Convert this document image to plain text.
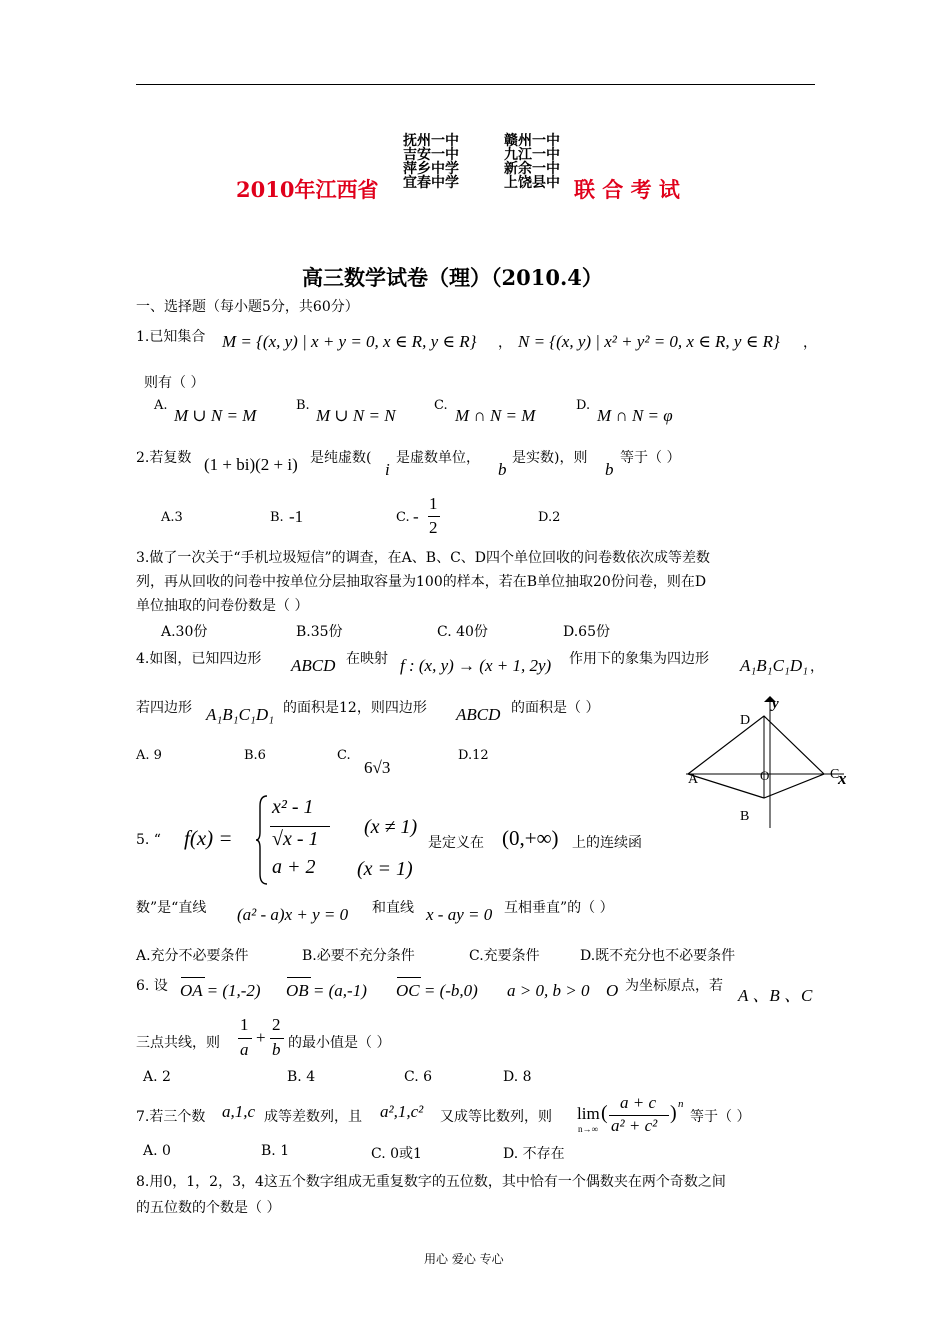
抚州一中
吉安一中
萍乡中学
宜春中学
赣州一中
九江一中
新余一中
上饶县中
2010年江西省	联 合 考 试
高三数学试卷（理）（2010.4）
一、选择题（每小题5分，共60分）
1.已知集合 M = {(x, y) | x + y = 0, x ∈ R, y ∈ R} ， N = {(x, y) | x² + y² = 0, x ∈ R, y ∈ R} ，
则有（ ）
A.
M ∪ N = M
B.
M ∪ N = N
C.
M ∩ N = M
D.
M ∩ N = φ
2.若复数 (1 + bi)(2 + i) 是纯虚数(
i
是虚数单位，
b
是实数)，则
b
等于（ ）
A.3	B. -1	C. -
1
2
D.2
3.做了一次关于“手机垃圾短信”的调查，在A、B、C、D四个单位回收的问卷数依次成等差数
列，再从回收的问卷中按单位分层抽取容量为100的样本，若在B单位抽取20份问卷，则在D
单位抽取的问卷份数是（ ）
A.30份	B.35份	C. 40份	D.65份
4.如图，已知四边形 ABCD 在映射 f : (x, y) → (x + 1, 2y) 作用下的象集为四边形 A₁B₁C₁D₁ ，
若四边形 A₁B₁C₁D₁ 的面积是12，则四边形 ABCD 的面积是（ ）
A. 9	B.6	C.
6√3
D.12
D
y
A	O	C
x
B
5. “ f(x) =
x² - 1
√x - 1
(x ≠ 1)
a + 2 (x = 1)
是定义在 (0,+∞) 上的连续函
数”是“直线 (a² - a)x + y = 0 和直线 x - ay = 0 互相垂直”的（ ）
A.充分不必要条件	B.必要不充分条件	C.充要条件	D.既不充分也不必要条件
6. 设 OA = (1,-2) OB = (a,-1) OC = (-b,0) a > 0, b > 0 O 为坐标原点，若 A 、B 、C
三点共线，则
1
a
+
2
b 的最小值是（ ）
A. 2	B. 4	C. 6	D. 8
7.若三个数 a,1,c 成等差数列，且 a²,1,c² 又成等比数列，则 lim
n→∞
( a + c
a² + c²
) n
等于（ ）
A. 0	B. 1	C. 0或1	D. 不存在
8.用0，1，2，3，4这五个数字组成无重复数字的五位数，其中恰有一个偶数夹在两个奇数之间
的五位数的个数是（ ）
用心 爱心 专心
